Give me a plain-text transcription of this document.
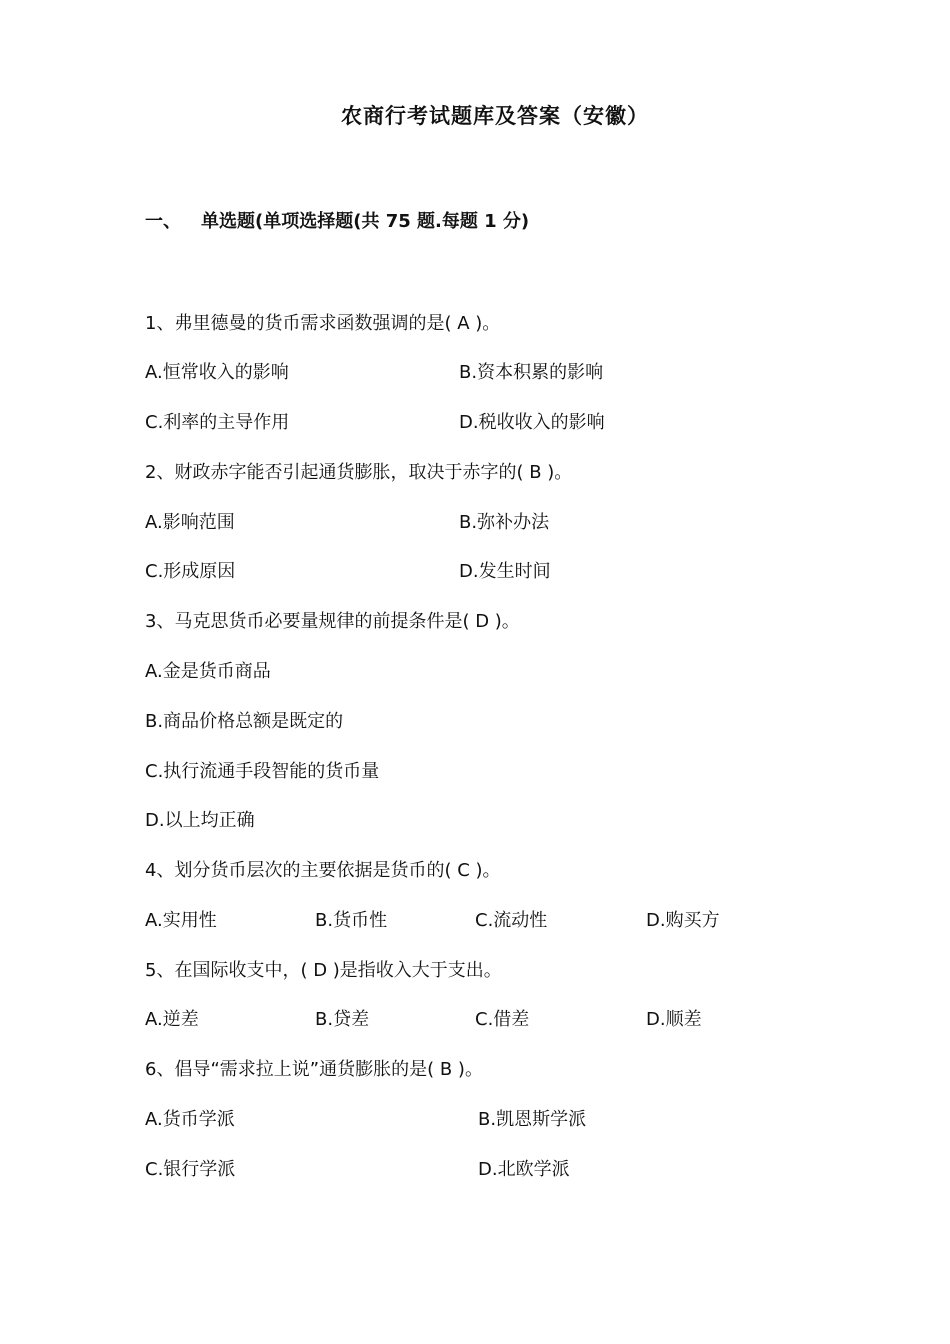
农商行考试题库及答案（安徽）
一、 单选题(单项选择题(共 75 题.每题 1 分)
1、弗里德曼的货币需求函数强调的是( A )。
A.恒常收入的影响	B.资本积累的影响
C.利率的主导作用	D.税收收入的影响
2、财政赤字能否引起通货膨胀，取决于赤字的( B )。
A.影响范围	B.弥补办法
C.形成原因	D.发生时间
3、马克思货币必要量规律的前提条件是( D )。
A.金是货币商品
B.商品价格总额是既定的
C.执行流通手段智能的货币量
D.以上均正确
4、划分货币层次的主要依据是货币的( C )。
A.实用性	B.货币性	C.流动性	D.购买方
5、在国际收支中，( D )是指收入大于支出。
A.逆差	B.贷差	C.借差	D.顺差
6、倡导“需求拉上说”通货膨胀的是( B )。
A.货币学派	B.凯恩斯学派
C.银行学派	D.北欧学派
